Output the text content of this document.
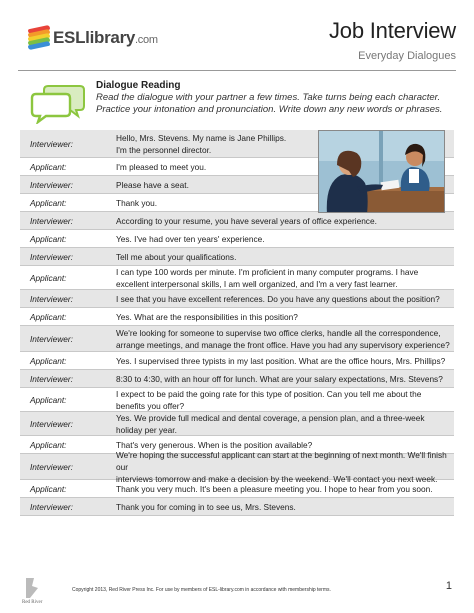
ESLlibrary.com	Job Interview
Everyday Dialogues
Dialogue Reading
Read the dialogue with your partner a few times. Take turns being each character. Practice your intonation and pronunciation. Write down any new words or phrases.
Interviewer:
Hello, Mrs. Stevens. My name is Jane Phillips.
I'm the personnel director.
Applicant:	I'm pleased to meet you.
Interviewer:	Please have a seat.
Applicant:	Thank you.
Interviewer:	According to your resume, you have several years of office experience.
Applicant:	Yes. I've had over ten years' experience.
Interviewer:	Tell me about your qualifications.
Applicant:
I can type 100 words per minute. I'm proficient in many computer programs. I have
excellent interpersonal skills, I am well organized, and I'm a very fast learner.
Interviewer:	I see that you have excellent references. Do you have any questions about the position?
Applicant:	Yes. What are the responsibilities in this position?
Interviewer:
We're looking for someone to supervise two office clerks, handle all the correspondence,
arrange meetings, and manage the front office. Have you had any supervisory experience?
Applicant:	Yes. I supervised three typists in my last position. What are the office hours, Mrs. Phillips?
Interviewer:	8:30 to 4:30, with an hour off for lunch. What are your salary expectations, Mrs. Stevens?
Applicant:
I expect to be paid the going rate for this type of position. Can you tell me about the
benefits you offer?
Interviewer:
Yes. We provide full medical and dental coverage, a pension plan, and a three-week
holiday per year.
Applicant:	That's very generous. When is the position available?
Interviewer:
We're hoping the successful applicant can start at the beginning of next month. We'll finish our
interviews tomorrow and make a decision by the weekend. We'll contact you next week.
Applicant:	Thank you very much. It's been a pleasure meeting you. I hope to hear from you soon.
Interviewer:	Thank you for coming in to see us, Mrs. Stevens.
Red River
Copyright 2013, Red River Press Inc. For use by members of ESL-library.com in accordance with membership terms.	1
